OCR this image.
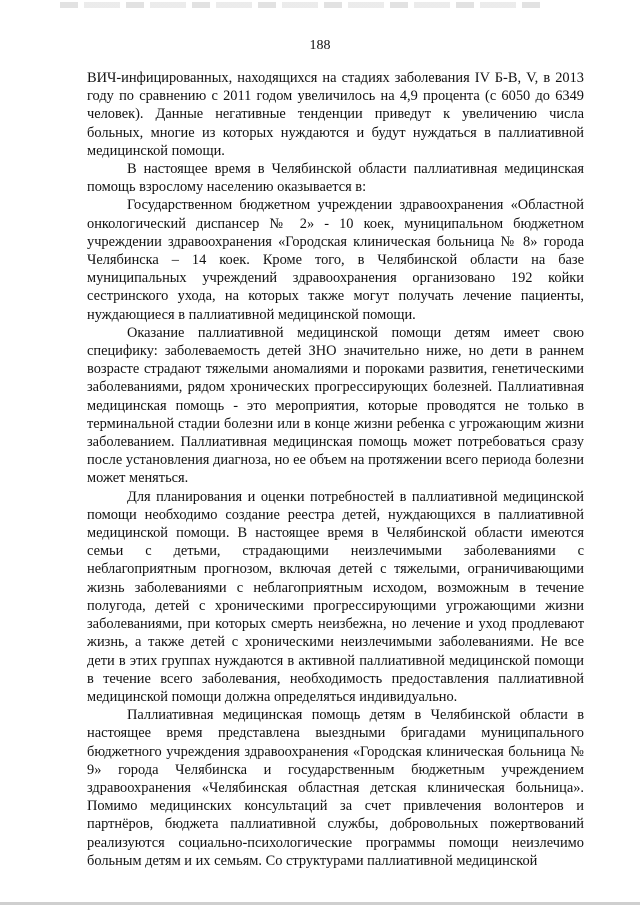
188

ВИЧ-инфицированных, находящихся на стадиях заболевания IV Б-В, V, в 2013 году по сравнению с 2011 годом увеличилось на 4,9 процента (с 6050 до 6349 человек). Данные негативные тенденции приведут к увеличению числа больных, многие из которых нуждаются и будут нуждаться в паллиативной медицинской помощи.

В настоящее время в Челябинской области паллиативная медицинская помощь взрослому населению оказывается в:

Государственном бюджетном учреждении здравоохранения «Областной онкологический диспансер № 2» - 10 коек, муниципальном бюджетном учреждении здравоохранения «Городская клиническая больница № 8» города Челябинска – 14 коек. Кроме того, в Челябинской области на базе муниципальных учреждений здравоохранения организовано 192 койки сестринского ухода, на которых также могут получать лечение пациенты, нуждающиеся в паллиативной медицинской помощи.

Оказание паллиативной медицинской помощи детям имеет свою специфику: заболеваемость детей ЗНО значительно ниже, но дети в раннем возрасте страдают тяжелыми аномалиями и пороками развития, генетическими заболеваниями, рядом хронических прогрессирующих болезней. Паллиативная медицинская помощь - это мероприятия, которые проводятся не только в терминальной стадии болезни или в конце жизни ребенка с угрожающим жизни заболеванием. Паллиативная медицинская помощь может потребоваться сразу после установления диагноза, но ее объем на протяжении всего периода болезни может меняться.

Для планирования и оценки потребностей в паллиативной медицинской помощи необходимо создание реестра детей, нуждающихся в паллиативной медицинской помощи. В настоящее время в Челябинской области имеются семьи с детьми, страдающими неизлечимыми заболеваниями с неблагоприятным прогнозом, включая детей с тяжелыми, ограничивающими жизнь заболеваниями с неблагоприятным исходом, возможным в течение полугода, детей с хроническими прогрессирующими угрожающими жизни заболеваниями, при которых смерть неизбежна, но лечение и уход продлевают жизнь, а также детей с хроническими неизлечимыми заболеваниями. Не все дети в этих группах нуждаются в активной паллиативной медицинской помощи в течение всего заболевания, необходимость предоставления паллиативной медицинской помощи должна определяться индивидуально.

Паллиативная медицинская помощь детям в Челябинской области в настоящее время представлена выездными бригадами муниципального бюджетного учреждения здравоохранения «Городская клиническая больница № 9» города Челябинска и государственным бюджетным учреждением здравоохранения «Челябинская областная детская клиническая больница». Помимо медицинских консультаций за счет привлечения волонтеров и партнёров, бюджета паллиативной службы, добровольных пожертвований реализуются социально-психологические программы помощи неизлечимо больным детям и их семьям. Со структурами паллиативной медицинской
